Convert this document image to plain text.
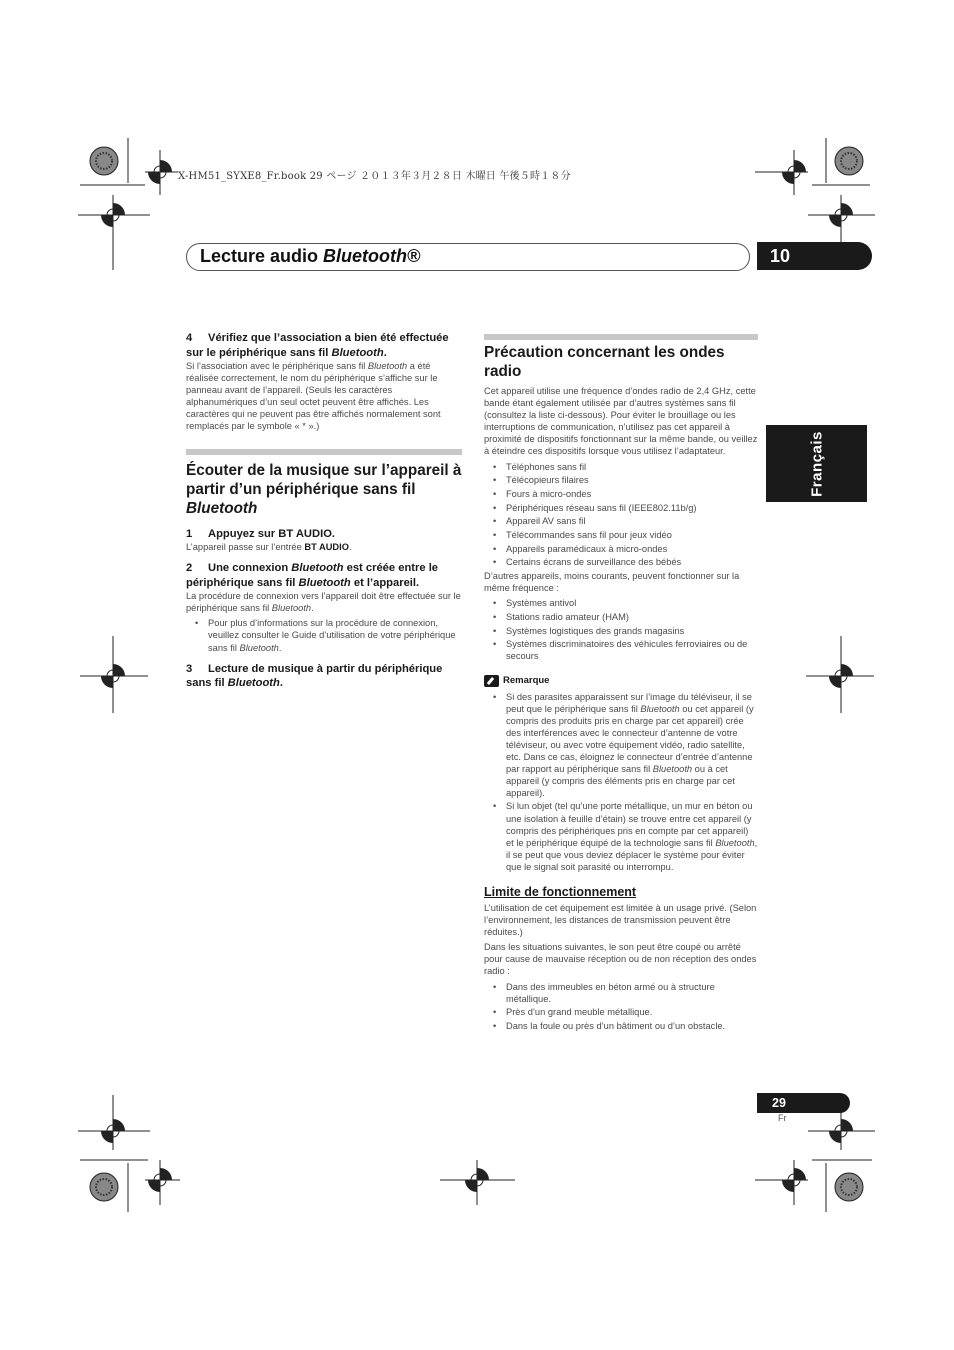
X-HM51_SYXE8_Fr.book 29 ページ ２０１３年３月２８日 木曜日 午後５時１８分
Lecture audio Bluetooth®	10
Français

4 Vérifiez que l’association a bien été effectuée sur le périphérique sans fil Bluetooth.

Si l’association avec le périphérique sans fil Bluetooth a été réalisée correctement, le nom du périphérique s’affiche sur le panneau avant de l’appareil. (Seuls les caractères alphanumériques d’un seul octet peuvent être affichés. Les caractères qui ne peuvent pas être affichés normalement sont remplacés par le symbole « * ».)

Écouter de la musique sur l’appareil à partir d’un périphérique sans fil Bluetooth

1 Appuyez sur BT AUDIO.

L’appareil passe sur l’entrée BT AUDIO.

2 Une connexion Bluetooth est créée entre le périphérique sans fil Bluetooth et l’appareil.

La procédure de connexion vers l’appareil doit être effectuée sur le périphérique sans fil Bluetooth.

• Pour plus d’informations sur la procédure de connexion, veuillez consulter le Guide d’utilisation de votre périphérique sans fil Bluetooth.

3 Lecture de musique à partir du périphérique sans fil Bluetooth.

Précaution concernant les ondes radio

Cet appareil utilise une fréquence d’ondes radio de 2,4 GHz, cette bande étant également utilisée par d’autres systèmes sans fil (consultez la liste ci-dessous). Pour éviter le brouillage ou les interruptions de communication, n’utilisez pas cet appareil à proximité de dispositifs fonctionnant sur la même bande, ou veillez à éteindre ces dispositifs lorsque vous utilisez l’adaptateur.

• Téléphones sans fil
• Télécopieurs filaires
• Fours à micro-ondes
• Périphériques réseau sans fil (IEEE802.11b/g)
• Appareil AV sans fil
• Télécommandes sans fil pour jeux vidéo
• Appareils paramédicaux à micro-ondes
• Certains écrans de surveillance des bébés

D’autres appareils, moins courants, peuvent fonctionner sur la même fréquence :

• Systèmes antivol
• Stations radio amateur (HAM)
• Systèmes logistiques des grands magasins
• Systèmes discriminatoires des véhicules ferroviaires ou de secours
Remarque
• Si des parasites apparaissent sur l’image du téléviseur, il se peut que le périphérique sans fil Bluetooth ou cet appareil (y compris des produits pris en charge par cet appareil) crée des interférences avec le connecteur d’antenne de votre téléviseur, ou avec votre équipement vidéo, radio satellite, etc. Dans ce cas, éloignez le connecteur d’entrée d’antenne par rapport au périphérique sans fil Bluetooth ou à cet appareil (y compris des éléments pris en charge par cet appareil).
• Si lun objet (tel qu’une porte métallique, un mur en béton ou une isolation à feuille d’étain) se trouve entre cet appareil (y compris des périphériques pris en compte par cet appareil) et le périphérique équipé de la technologie sans fil Bluetooth, il se peut que vous deviez déplacer le système pour éviter que le signal soit parasité ou interrompu.

Limite de fonctionnement

L’utilisation de cet équipement est limitée à un usage privé. (Selon l’environnement, les distances de transmission peuvent être réduites.)

Dans les situations suivantes, le son peut être coupé ou arrêté pour cause de mauvaise réception ou de non réception des ondes radio :

• Dans des immeubles en béton armé ou à structure métallique.
• Près d’un grand meuble métallique.
• Dans la foule ou près d’un bâtiment ou d’un obstacle.
29
Fr
